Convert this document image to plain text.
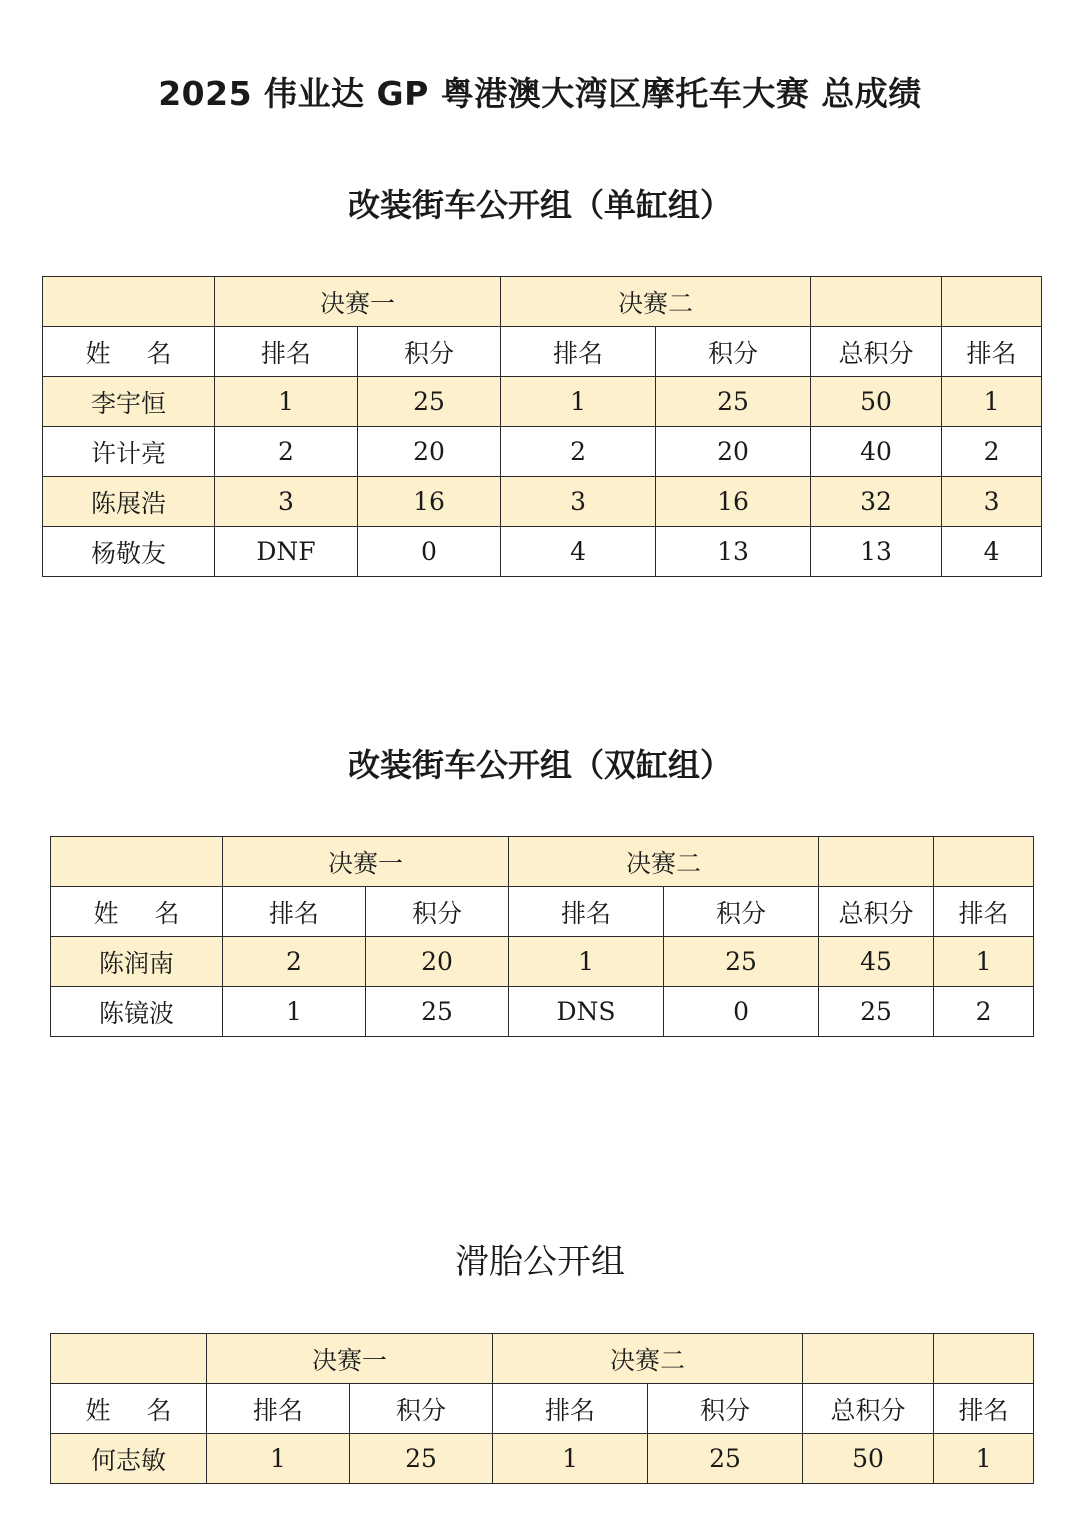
2025 伟业达 GP 粤港澳大湾区摩托车大赛 总成绩
改装街车公开组（单缸组）
	决赛一		决赛二			
姓 名	排名	积分	排名	积分	总积分	排名
李宇恒	1	25	1	25	50	1
许计亮	2	20	2	20	40	2
陈展浩	3	16	3	16	32	3
杨敬友	DNF	0	4	13	13	4
改装街车公开组（双缸组）
	决赛一		决赛二			
姓 名	排名	积分	排名	积分	总积分	排名
陈润南	2	20	1	25	45	1
陈镜波	1	25	DNS	0	25	2
滑胎公开组
	决赛一		决赛二			
姓 名	排名	积分	排名	积分	总积分	排名
何志敏	1	25	1	25	50	1
